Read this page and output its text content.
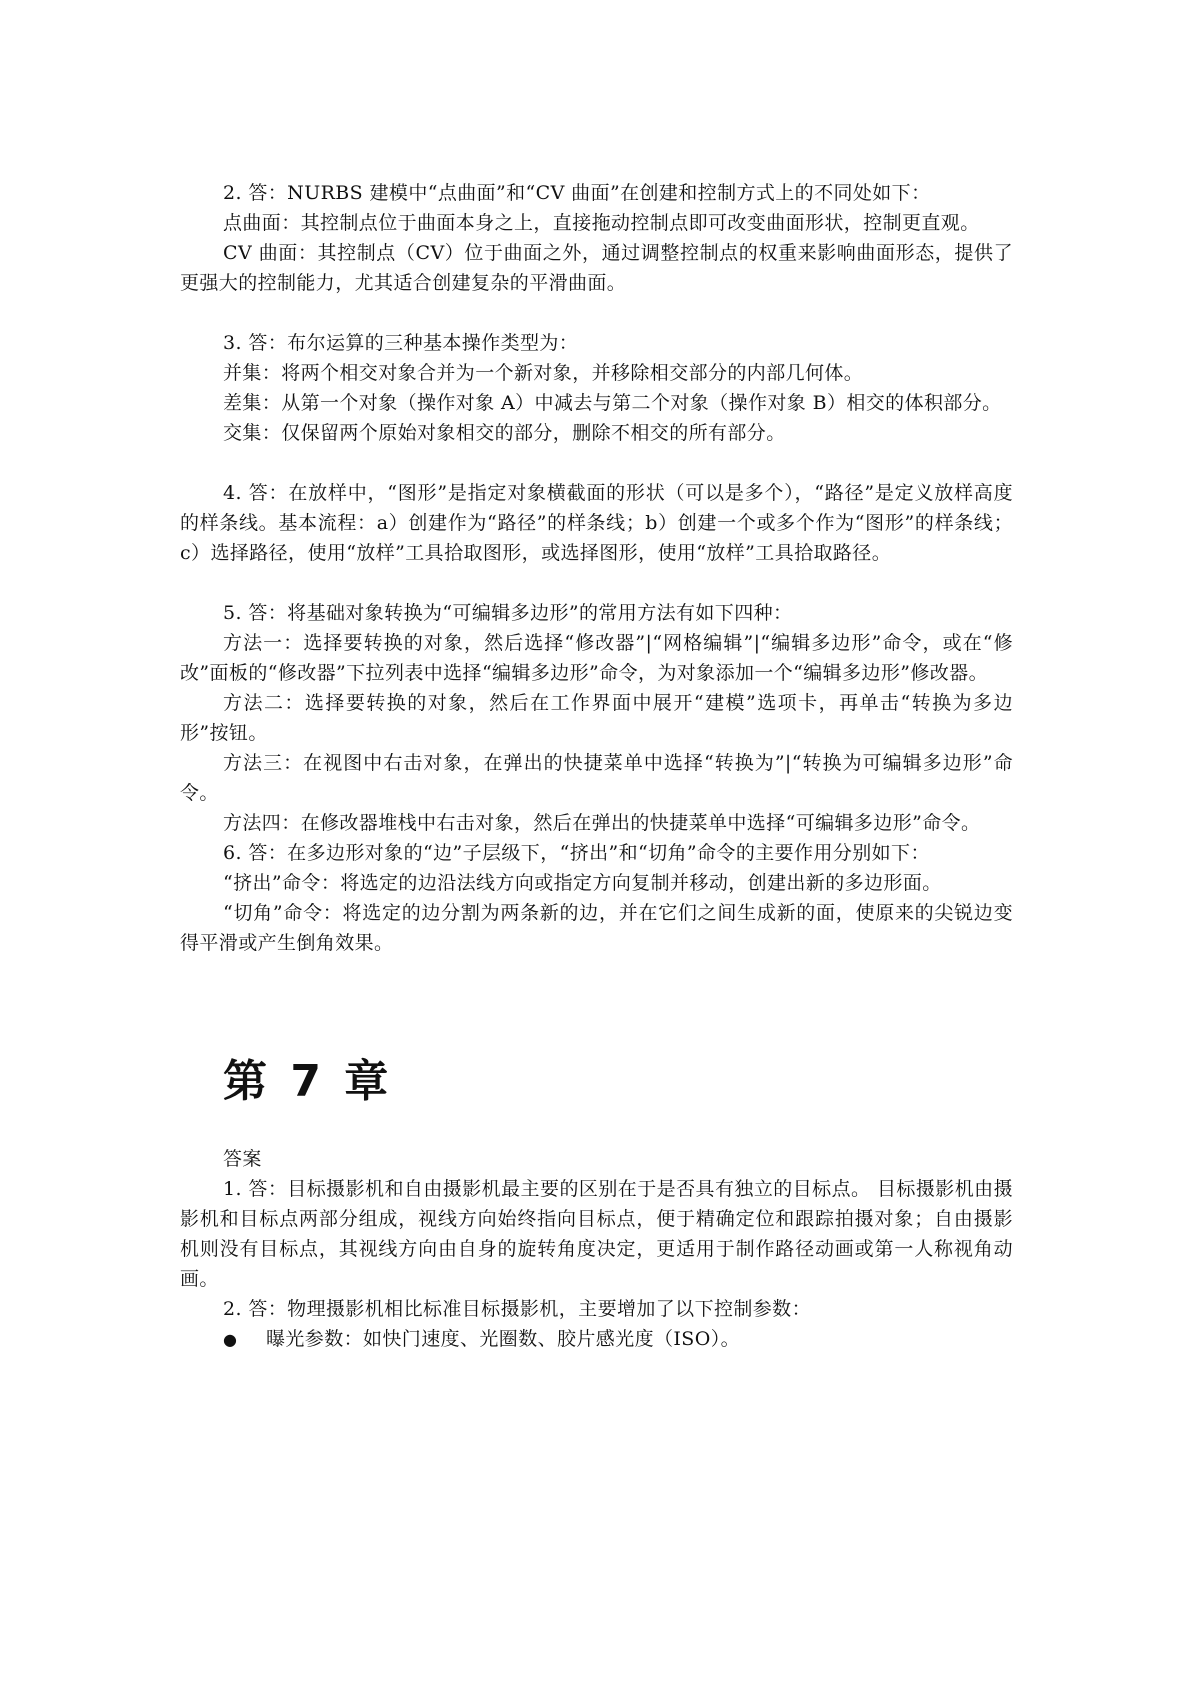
2. 答：NURBS 建模中“点曲面”和“CV 曲面”在创建和控制方式上的不同处如下：

点曲面：其控制点位于曲面本身之上，直接拖动控制点即可改变曲面形状，控制更直观。

CV 曲面：其控制点（CV）位于曲面之外，通过调整控制点的权重来影响曲面形态，提供了更强大的控制能力，尤其适合创建复杂的平滑曲面。

3. 答：布尔运算的三种基本操作类型为：

并集：将两个相交对象合并为一个新对象，并移除相交部分的内部几何体。

差集：从第一个对象（操作对象 A）中减去与第二个对象（操作对象 B）相交的体积部分。

交集：仅保留两个原始对象相交的部分，删除不相交的所有部分。

4. 答：在放样中，“图形”是指定对象横截面的形状（可以是多个），“路径”是定义放样高度的样条线。基本流程：a）创建作为“路径”的样条线；b）创建一个或多个作为“图形”的样条线；c）选择路径，使用“放样”工具拾取图形，或选择图形，使用“放样”工具拾取路径。

5. 答：将基础对象转换为“可编辑多边形”的常用方法有如下四种：

方法一：选择要转换的对象，然后选择“修改器”|“网格编辑”|“编辑多边形”命令，或在“修改”面板的“修改器”下拉列表中选择“编辑多边形”命令，为对象添加一个“编辑多边形”修改器。

方法二：选择要转换的对象，然后在工作界面中展开“建模”选项卡，再单击“转换为多边形”按钮。

方法三：在视图中右击对象，在弹出的快捷菜单中选择“转换为”|“转换为可编辑多边形”命令。

方法四：在修改器堆栈中右击对象，然后在弹出的快捷菜单中选择“可编辑多边形”命令。

6. 答：在多边形对象的“边”子层级下，“挤出”和“切角”命令的主要作用分别如下：

“挤出”命令：将选定的边沿法线方向或指定方向复制并移动，创建出新的多边形面。

“切角”命令：将选定的边分割为两条新的边，并在它们之间生成新的面，使原来的尖锐边变得平滑或产生倒角效果。

第 7 章

答案

1. 答：目标摄影机和自由摄影机最主要的区别在于是否具有独立的目标点。 目标摄影机由摄影机和目标点两部分组成，视线方向始终指向目标点，便于精确定位和跟踪拍摄对象；自由摄影机则没有目标点，其视线方向由自身的旋转角度决定，更适用于制作路径动画或第一人称视角动画。

2. 答：物理摄影机相比标准目标摄影机，主要增加了以下控制参数：

●	曝光参数：如快门速度、光圈数、胶片感光度（ISO）。
